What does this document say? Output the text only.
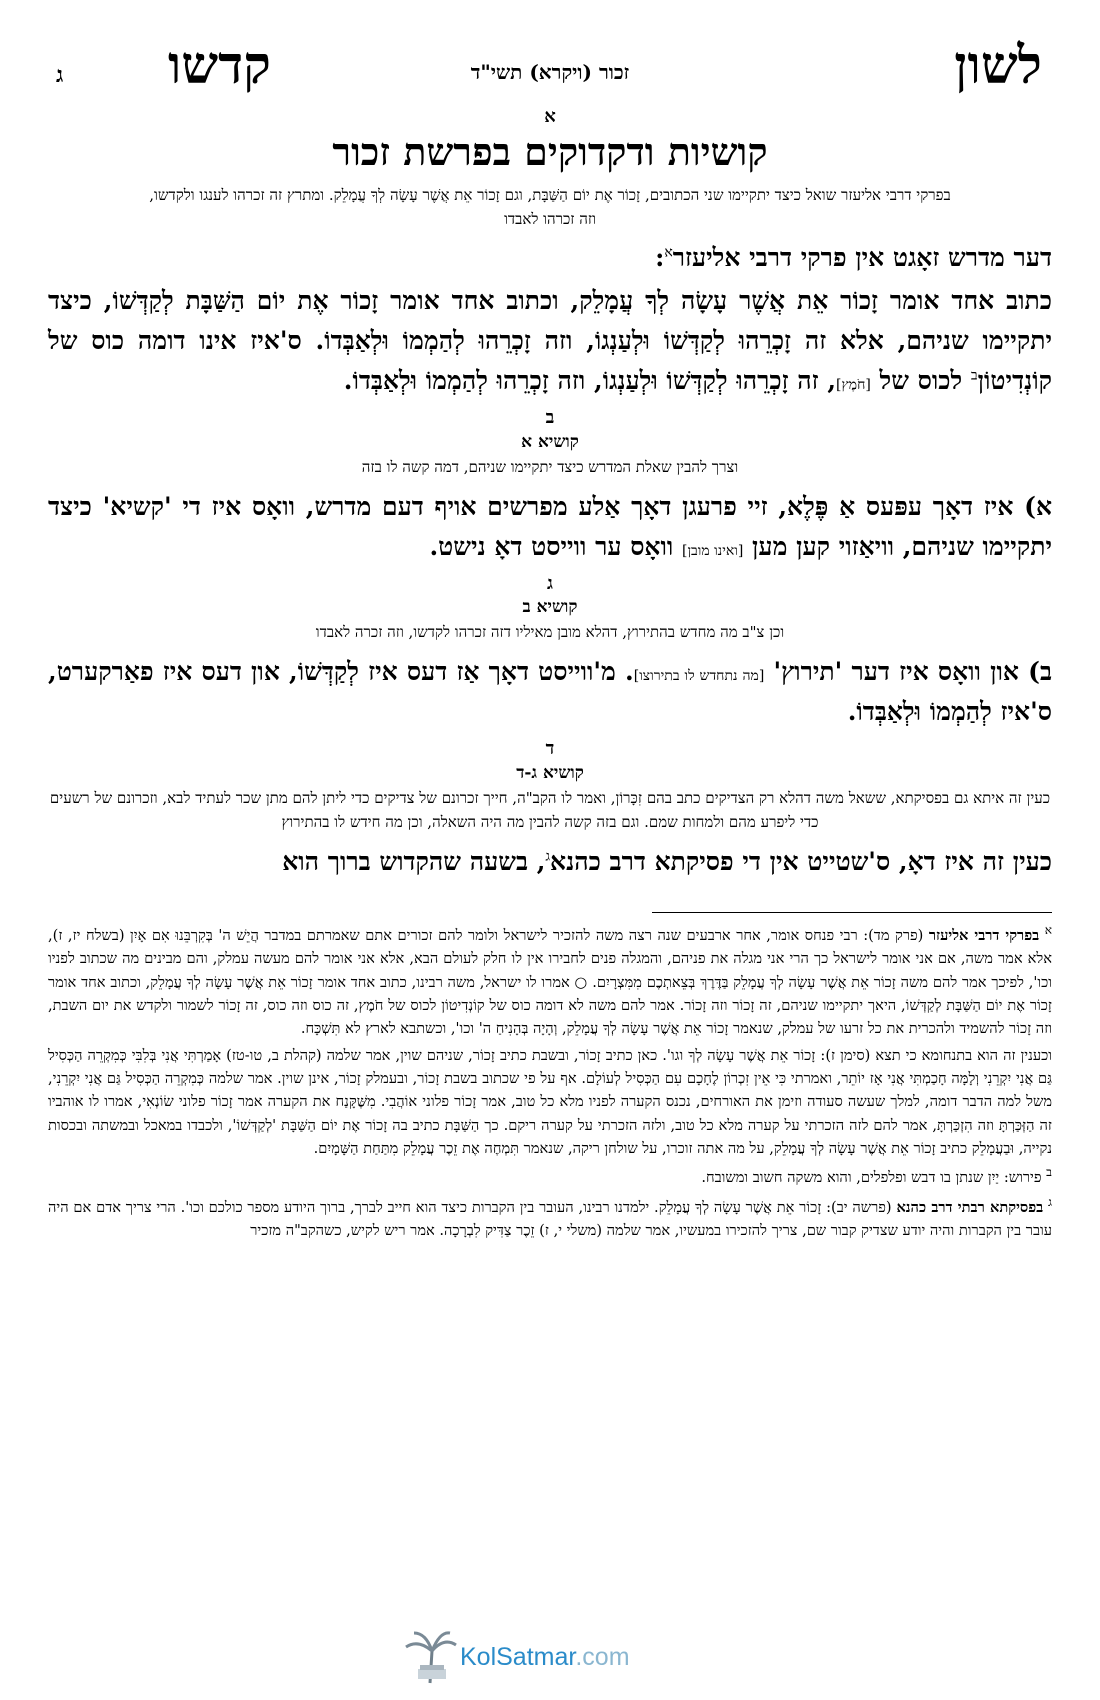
לשון
זכור (ויקרא) תשי"ד
קדשו
ג
א
קושיות ודקדוקים בפרשת זכור
בפרקי דרבי אליעזר שואל כיצד יתקיימו שני הכתובים, זָכוֹר אֶת יוֹם הַשַּׁבָּת, וגם זָכוֹר אֵת אֲשֶׁר עָשָׂה לְךָ עֲמָלֵק. ומתרץ זה זכרהו לענגו ולקדשו, וזה זכרהו לאבדו
דער מדרש זאָגט אין פרקי דרבי אליעזר$^א$:

כתוב אחד אומר זָכוֹר אֵת אֲשֶׁר עָשָׂה לְךָ עֲמָלֵק, וכתוב אחד אומר זָכוֹר אֶת יוֹם הַשַּׁבָּת לְקַדְּשׁוֹ, כיצד יתקיימו שניהם, אלא זה זָכְרֵהוּ לְקַדְּשׁוֹ וּלְעַנְגוֹ, וזה זָכְרֵהוּ לְהַמְמוֹ וּלְאַבְּדוֹ. ס'איז אינו דומה כוס של קוֹנְדִיטוֹן$^ב$ לכוס של [חֹמֶץ], זה זָכְרֵהוּ לְקַדְּשׁוֹ וּלְעַנְגוֹ, וזה זָכְרֵהוּ לְהַמְמוֹ וּלְאַבְּדוֹ.

ב
קושיא א
וצרך להבין שאלת המדרש כיצד יתקיימו שניהם, דמה קשה לו בזה

א) איז דאָך עפּעס אַ פֶּלֶא, זיי פרעגן דאָך אַלע מפרשים אויף דעם מדרש, וואָס איז די 'קשיא' כיצד יתקיימו שניהם, וויאַזוי קען מען [ואינו מובן] וואָס ער ווייסט דאָ נישט.

ג
קושיא ב
וכן צ"ב מה מחדש בהתירוץ, דהלא מובן מאיליו דזה זכרהו לקדשו, וזה זכרה לאבדו

ב) און וואָס איז דער 'תירוץ' [מה נתחדש לו בתירוצו]. מ'ווייסט דאָך אַז דעס איז לְקַדְּשׁוֹ, און דעס איז פאַרקערט, ס'איז לְהַמְמוֹ וּלְאַבְּדוֹ.

ד
קושיא ג-ד
כעין זה איתא גם בפסיקתא, ששאל משה דהלא רק הצדיקים כתב בהם זִכָּרוֹן, ואמר לו הקב"ה, חייך זכרונם של צדיקים כדי ליתן להם מתן שכר לעתיד לבא, וזכרונם של רשעים כדי ליפרע מהם ולמחות שמם. וגם בזה קשה להבין מה היה השאלה, וכן מה חידש לו בהתירוץ

כעין זה איז דאָ, ס'שטייט אין די פסיקתא דרב כהנא$^ג$, בשעה שהקדוש ברוך הוא

$^א$ בפרקי דרבי אליעזר (פרק מד): רבי פנחס אומר, אחר ארבעים שנה רצה משה להזכיר לישראל ולומר להם זכורים אתם שאמרתם במדבר הֲיֵשׁ ה' בְּקִרְבֵּנוּ אִם אָיִן (בשלח יז, ז), אלא אמר משה, אם אני אומר לישראל כך הרי אני מגלה את פניהם, והמגלה פנים לחבירו אין לו חלק לעולם הבא, אלא אני אומר להם מעשה עמלק, והם מבינים מה שכתוב לפניו וכו', לפיכך אמר להם משה זָכוֹר אֵת אֲשֶׁר עָשָׂה לְךָ עֲמָלֵק בַּדֶּרֶךְ בְּצֵאתְכֶם מִמִּצְרָיִם. ○ אמרו לו ישראל, משה רבינו, כתוב אחד אומר זָכוֹר אֵת אֲשֶׁר עָשָׂה לְךָ עֲמָלֵק, וכתוב אחד אומר זָכוֹר אֶת יוֹם הַשַּׁבָּת לְקַדְּשׁוֹ, היאך יתקיימו שניהם, זה זָכוֹר וזה זָכוֹר. אמר להם משה לא דומה כוס של קוֹנְדִיטוֹן לכוס של חֹמֶץ, זה כוס וזה כוס, זה זָכוֹר לשמור ולקדש את יום השבת, וזה זָכוֹר להשמיד ולהכרית את כל זרעו של עמלק, שנאמר זָכוֹר אֵת אֲשֶׁר עָשָׂה לְךָ עֲמָלֵק, וְהָיָה בְּהָנִיחַ ה' וכו', וכשתבא לארץ לא תִּשְׁכָּח.

וכענין זה הוא בתנחומא כי תצא (סימן ז): זָכוֹר אֵת אֲשֶׁר עָשָׂה לְךָ וגו'. כאן כתיב זָכוֹר, ובשבת כתיב זָכוֹר, שניהם שוין, אמר שלמה (קהלת ב, טו-טז) אָמַרְתִּי אֲנִי בְּלִבִּי כְּמִקְרֵה הַכְּסִיל גַּם אֲנִי יִקְרֵנִי וְלָמָּה חָכַמְתִּי אֲנִי אָז יוֹתֵר, ואמרתי כִּי אֵין זִכְרוֹן לֶחָכָם עִם הַכְּסִיל לְעוֹלָם. אף על פי שכתוב בשבת זָכוֹר, ובעמלק זָכוֹר, אינן שוין. אמר שלמה כְּמִקְרֵה הַכְּסִיל גַּם אֲנִי יִקְרֵנִי, משל למה הדבר דומה, למלך שעשה סעודה וזימן את האורחים, נכנס הקערה לפניו מלא כל טוב, אמר זָכוֹר פלוני אוֹהֲבִי. מִשֶּׁקָּנַח את הקערה אמר זָכוֹר פלוני שׂוֹנְאִי, אמרו לו אוהביו זה הַזְּכַּרְתָּ וזה הִזְכַּרְתָּ, אמר להם לזה הזכרתי על קערה מלא כל טוב, ולזה הזכרתי על קערה ריקם. כך הַשַּׁבָּת כתיב בה זָכוֹר אֶת יוֹם הַשַּׁבָּת 'לְקַדְּשׁוֹ', ולכבדו במאכל ובמשתה ובכסות נקייה, וּבַעֲמָלֵק כתיב זָכוֹר אֵת אֲשֶׁר עָשָׂה לְךָ עֲמָלֵק, על מה אתה זוכרו, על שולחן ריקה, שנאמר תִּמְחֶה אֶת זֵכֶר עֲמָלֵק מִתַּחַת הַשָּׁמָיִם.

$^ב$ פירוש: יַיִן שנתן בו דבש ופלפלים, והוא משקה חשוב ומשובח.

$^ג$ בפסיקתא רבתי דרב כהנא (פרשה יב): זָכוֹר אֵת אֲשֶׁר עָשָׂה לְךָ עֲמָלֵק. ילמדנו רבינו, העובר בין הקברות כיצד הוא חייב לברך, ברוך היודע מספר כולכם וכו'. הרי צריך אדם אם היה עובר בין הקברות והיה יודע שצדיק קבור שם, צריך להזכירו במעשיו, אמר שלמה (משלי י, ז) זֵכֶר צַדִּיק לִבְרָכָה. אמר ריש לקיש, כשהקב"ה מזכיר

KolSatmar.com
